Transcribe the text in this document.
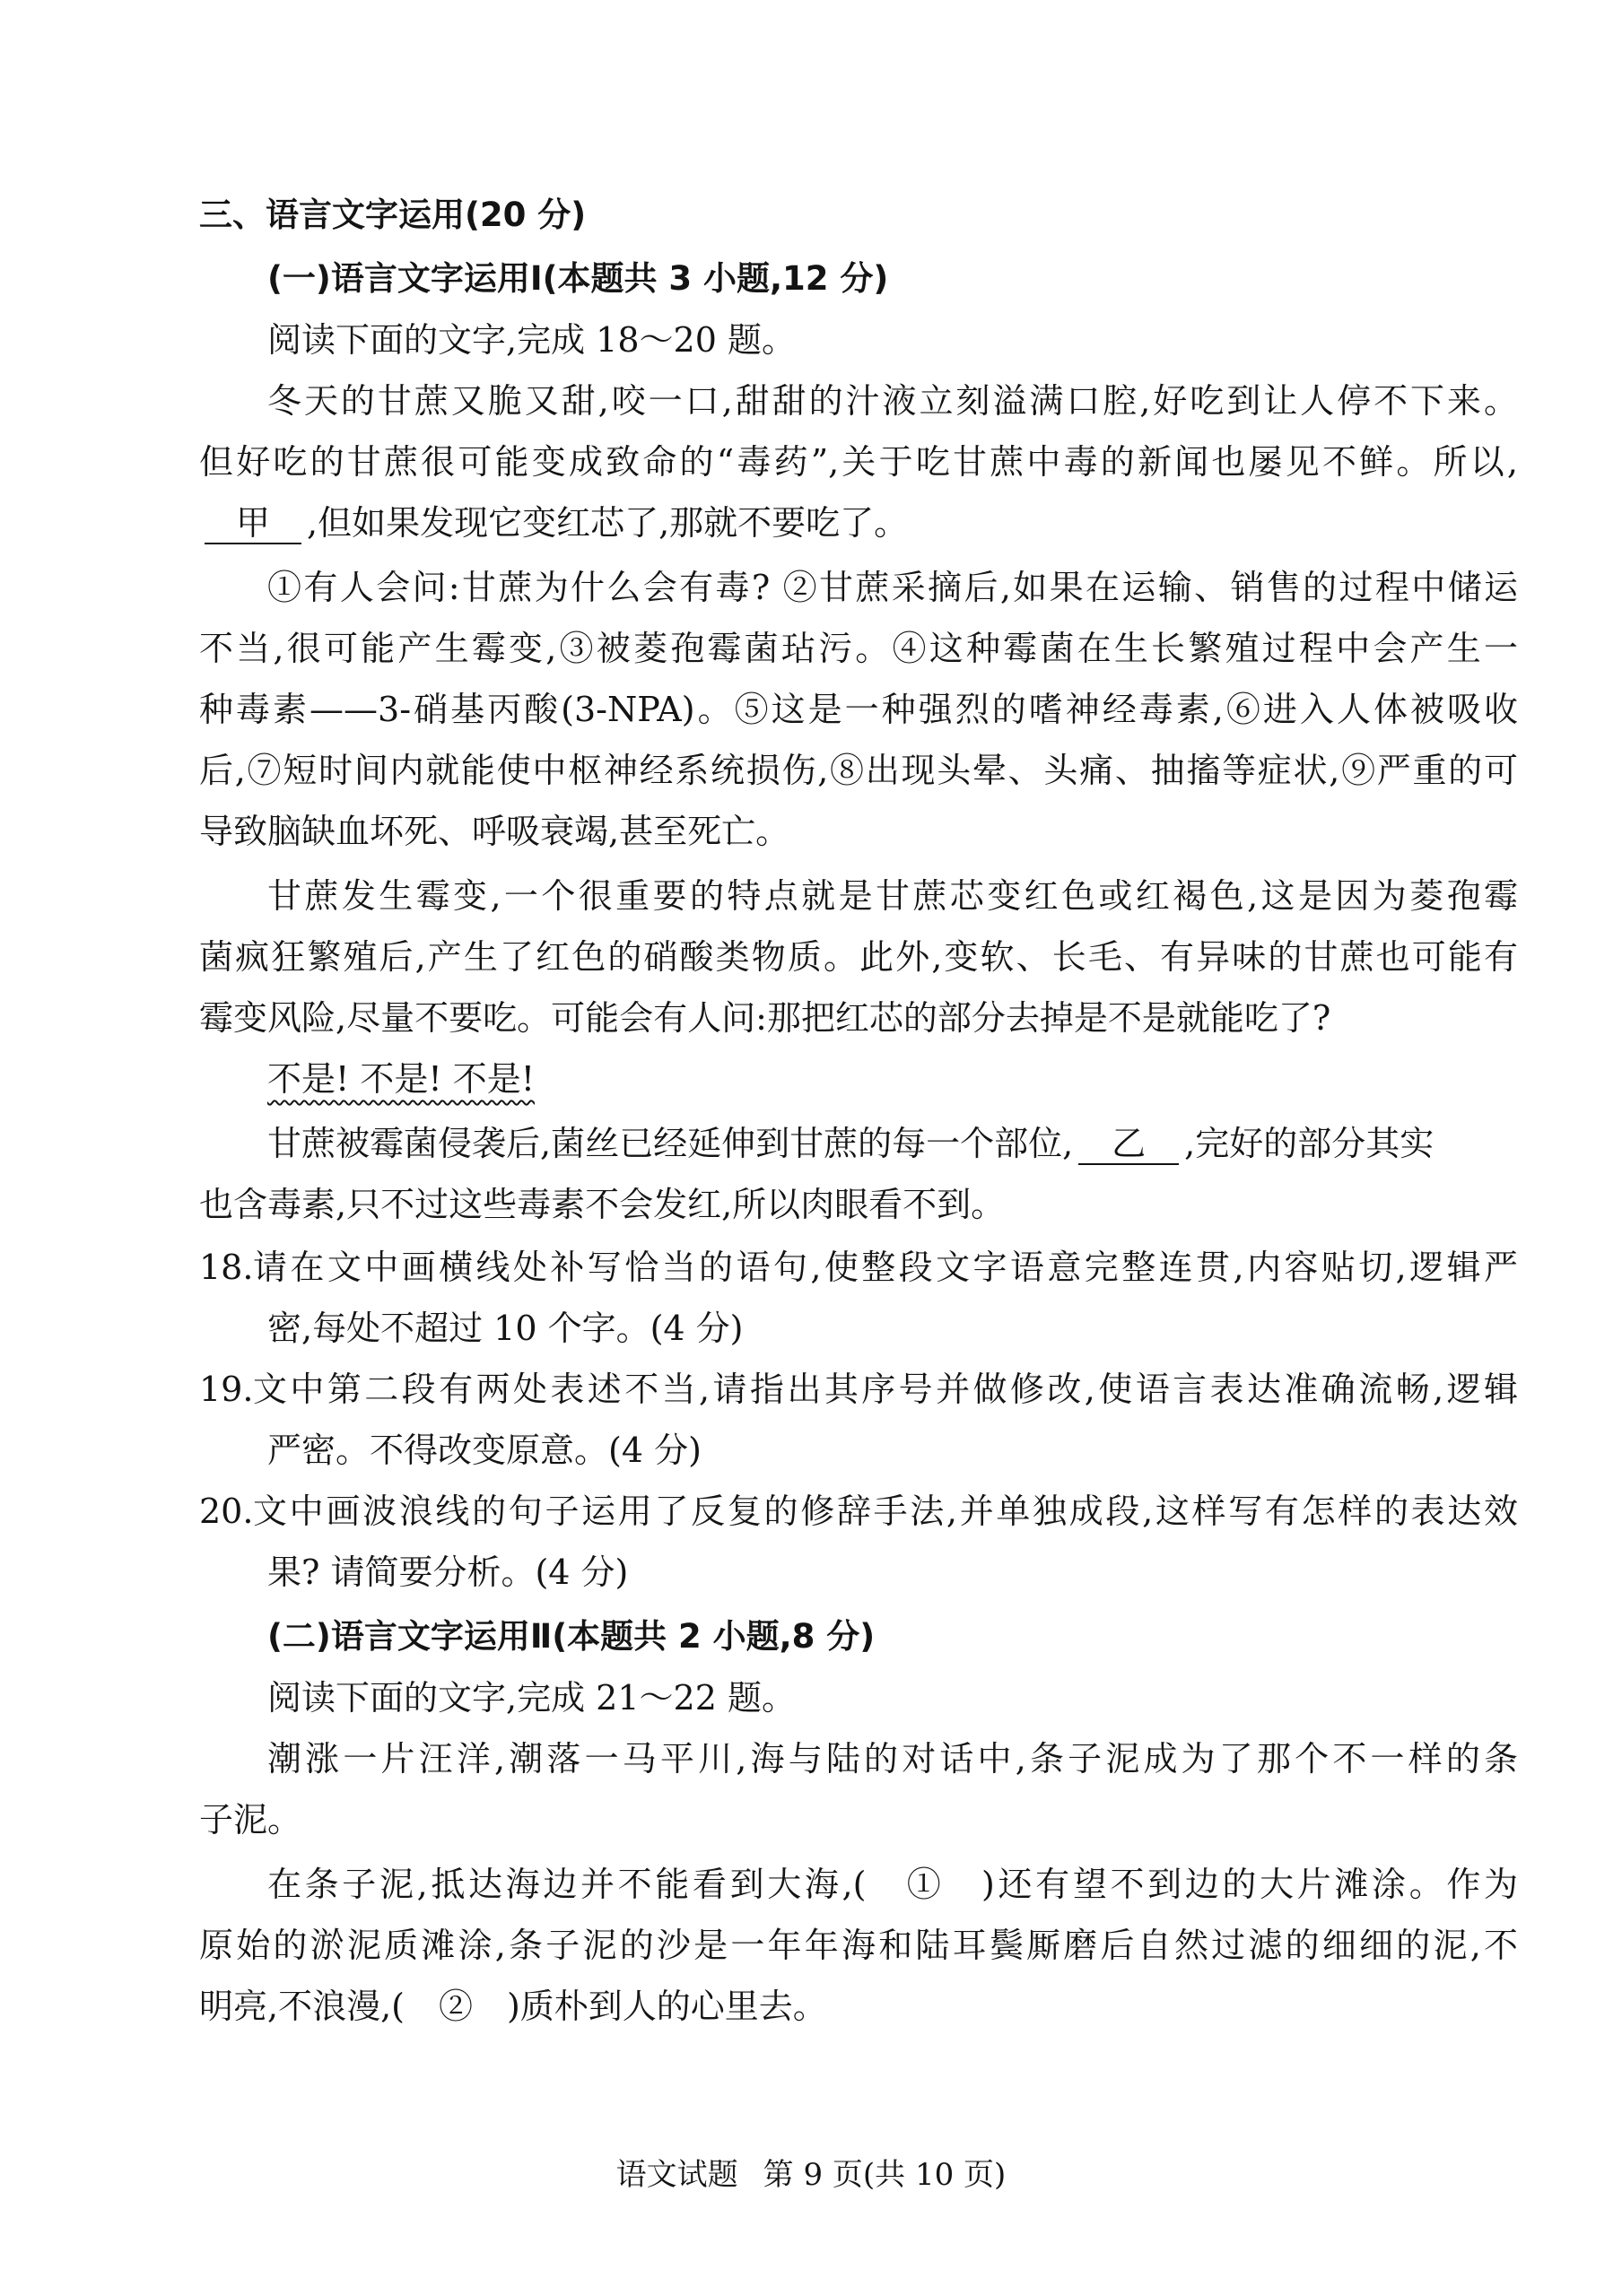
三、语言文字运用(20 分)
(一)语言文字运用Ⅰ(本题共 3 小题,12 分)
阅读下面的文字,完成 18～20 题。
冬天的甘蔗又脆又甜,咬一口,甜甜的汁液立刻溢满口腔,好吃到让人停不下来。
但好吃的甘蔗很可能变成致命的“毒药”,关于吃甘蔗中毒的新闻也屡见不鲜。所以,
甲 ,但如果发现它变红芯了,那就不要吃了。
①有人会问:甘蔗为什么会有毒? ②甘蔗采摘后,如果在运输、销售的过程中储运
不当,很可能产生霉变,③被菱孢霉菌玷污。④这种霉菌在生长繁殖过程中会产生一
种毒素——3-硝基丙酸(3-NPA)。⑤这是一种强烈的嗜神经毒素,⑥进入人体被吸收
后,⑦短时间内就能使中枢神经系统损伤,⑧出现头晕、头痛、抽搐等症状,⑨严重的可
导致脑缺血坏死、呼吸衰竭,甚至死亡。
甘蔗发生霉变,一个很重要的特点就是甘蔗芯变红色或红褐色,这是因为菱孢霉
菌疯狂繁殖后,产生了红色的硝酸类物质。此外,变软、长毛、有异味的甘蔗也可能有
霉变风险,尽量不要吃。可能会有人问:那把红芯的部分去掉是不是就能吃了?
不是! 不是! 不是!
甘蔗被霉菌侵袭后,菌丝已经延伸到甘蔗的每一个部位, 乙 ,完好的部分其实
也含毒素,只不过这些毒素不会发红,所以肉眼看不到。
18. 请在文中画横线处补写恰当的语句,使整段文字语意完整连贯,内容贴切,逻辑严
密,每处不超过 10 个字。(4 分)
19. 文中第二段有两处表述不当,请指出其序号并做修改,使语言表达准确流畅,逻辑
严密。不得改变原意。(4 分)
20. 文中画波浪线的句子运用了反复的修辞手法,并单独成段,这样写有怎样的表达效
果? 请简要分析。(4 分)
(二)语言文字运用Ⅱ(本题共 2 小题,8 分)
阅读下面的文字,完成 21～22 题。
潮涨一片汪洋,潮落一马平川,海与陆的对话中,条子泥成为了那个不一样的条
子泥。
在条子泥,抵达海边并不能看到大海,(　①　)还有望不到边的大片滩涂。作为
原始的淤泥质滩涂,条子泥的沙是一年年海和陆耳鬓厮磨后自然过滤的细细的泥,不
明亮,不浪漫,(　②　)质朴到人的心里去。
语文试题 第 9 页(共 10 页)
